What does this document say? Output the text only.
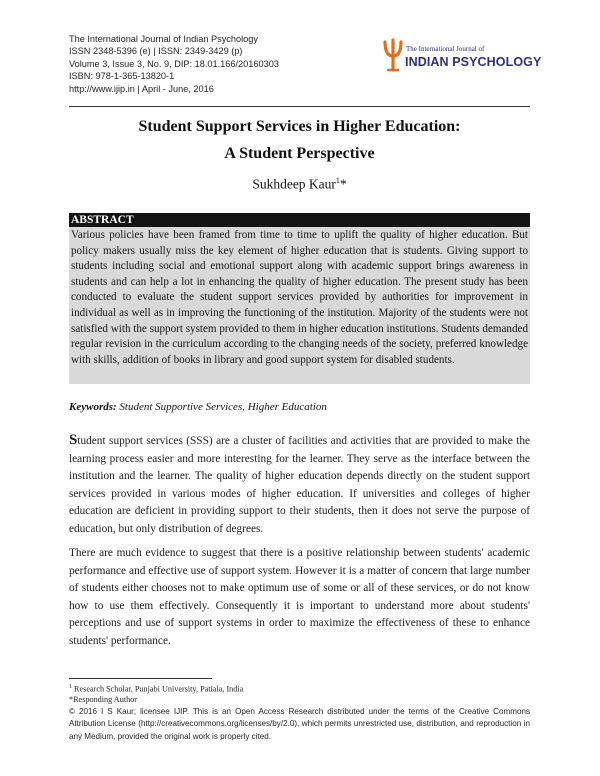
The International Journal of Indian Psychology
ISSN 2348-5396 (e) | ISSN: 2349-3429 (p)
Volume 3, Issue 3, No. 9, DIP: 18.01.166/20160303
ISBN: 978-1-365-13820-1
http://www.ijip.in | April - June, 2016
The International Journal of
INDIAN PSYCHOLOGY
Student Support Services in Higher Education:
A Student Perspective
Sukhdeep Kaur$^1$*
ABSTRACT
Various policies have been framed from time to time to uplift the quality of higher education. But policy makers usually miss the key element of higher education that is students. Giving support to students including social and emotional support along with academic support brings awareness in students and can help a lot in enhancing the quality of higher education. The present study has been conducted to evaluate the student support services provided by authorities for improvement in individual as well as in improving the functioning of the institution. Majority of the students were not satisfied with the support system provided to them in higher education institutions. Students demanded regular revision in the curriculum according to the changing needs of the society, preferred knowledge with skills, addition of books in library and good support system for disabled students.
Keywords: Student Supportive Services, Higher Education
Student support services (SSS) are a cluster of facilities and activities that are provided to make the learning process easier and more interesting for the learner. They serve as the interface between the institution and the learner. The quality of higher education depends directly on the student support services provided in various modes of higher education. If universities and colleges of higher education are deficient in providing support to their students, then it does not serve the purpose of education, but only distribution of degrees.
There are much evidence to suggest that there is a positive relationship between students' academic performance and effective use of support system. However it is a matter of concern that large number of students either chooses not to make optimum use of some or all of these services, or do not know how to use them effectively. Consequently it is important to understand more about students' perceptions and use of support systems in order to maximize the effectiveness of these to enhance students' performance.
$^1$ Research Scholar, Punjabi University, Patiala, India
*Responding Author
© 2016 I S Kaur; licensee IJIP. This is an Open Access Research distributed under the terms of the Creative Commons Attribution License (http://creativecommons.org/licenses/by/2.0), which permits unrestricted use, distribution, and reproduction in any Medium, provided the original work is properly cited.
